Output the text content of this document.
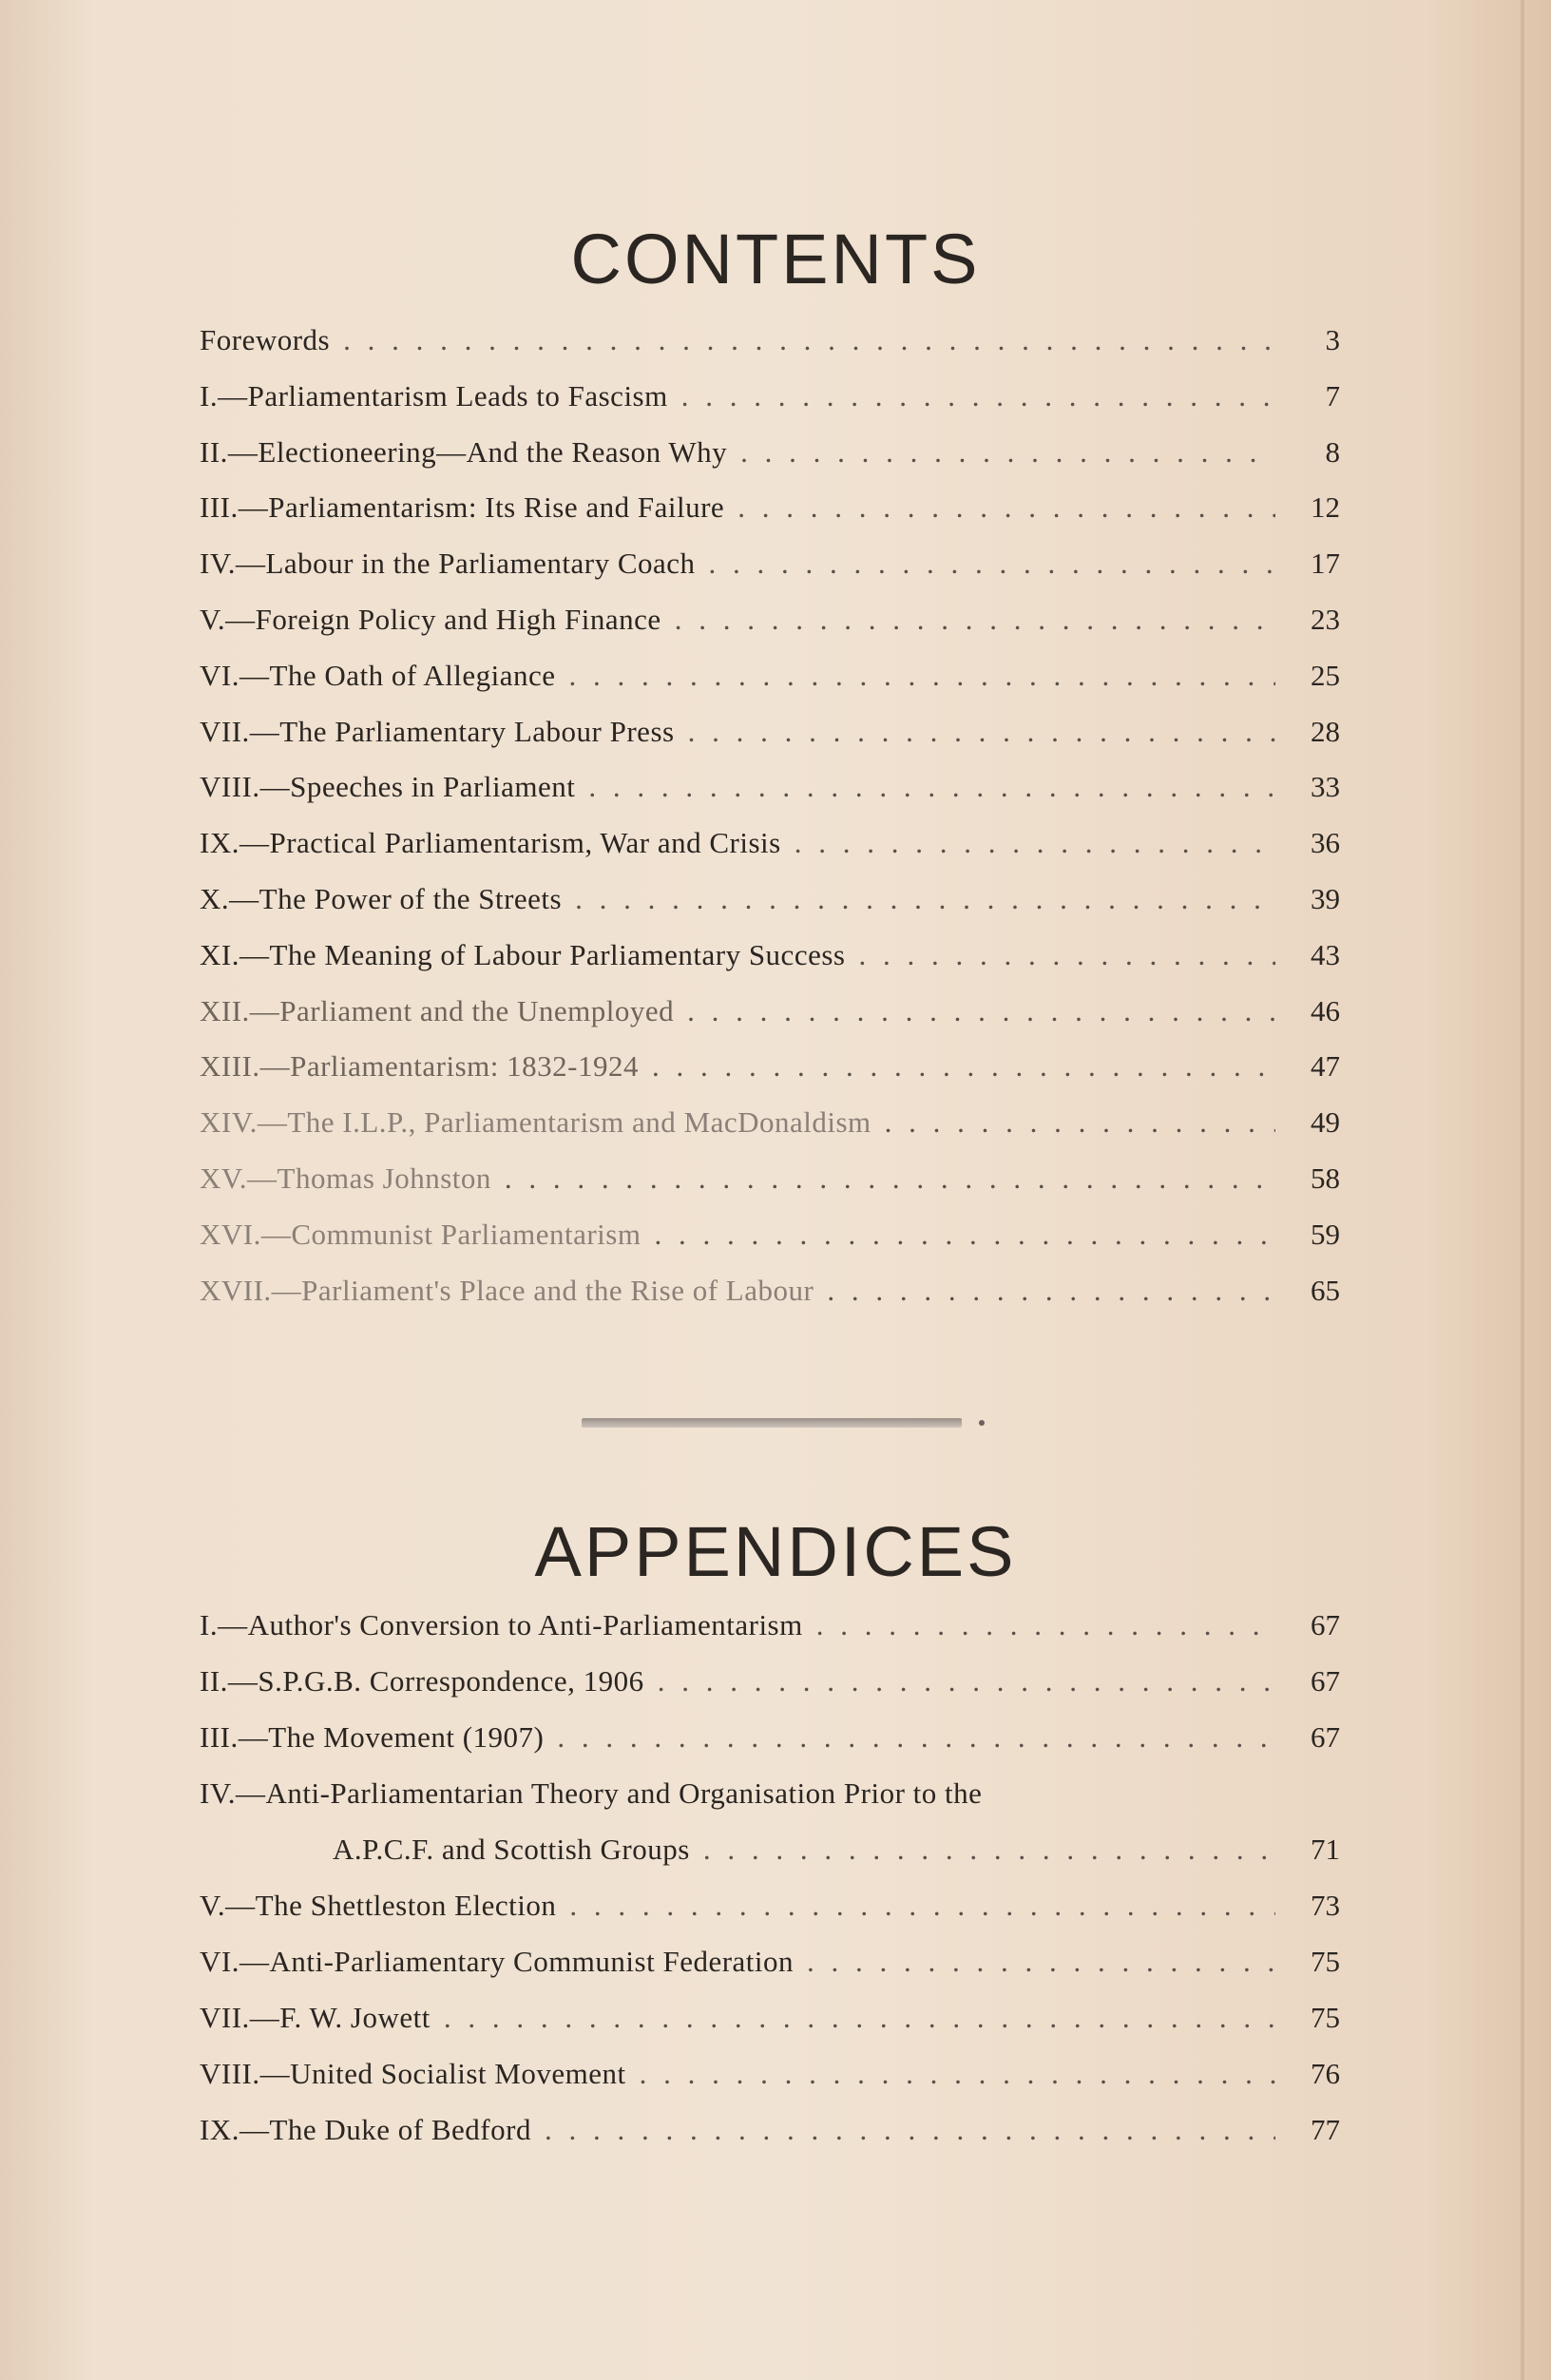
CONTENTS
Forewords . . .	3
I.—Parliamentarism Leads to Fascism . . .	7
II.—Electioneering—And the Reason Why . . .	8
III.—Parliamentarism: Its Rise and Failure . . .	12
IV.—Labour in the Parliamentary Coach . . .	17
V.—Foreign Policy and High Finance . . .	23
VI.—The Oath of Allegiance . . .	25
VII.—The Parliamentary Labour Press . . .	28
VIII.—Speeches in Parliament . . .	33
IX.—Practical Parliamentarism, War and Crisis . . .	36
X.—The Power of the Streets . . .	39
XI.—The Meaning of Labour Parliamentary Success . . .	43
XII.—Parliament and the Unemployed . . .	46
XIII.—Parliamentarism: 1832-1924 . . .	47
XIV.—The I.L.P., Parliamentarism and MacDonaldism . . .	49
XV.—Thomas Johnston . . .	58
XVI.—Communist Parliamentarism . . .	59
XVII.—Parliament's Place and the Rise of Labour . . .	65
APPENDICES
I.—Author's Conversion to Anti-Parliamentarism . . .	67
II.—S.P.G.B. Correspondence, 1906 . . .	67
III.—The Movement (1907) . . .	67
IV.—Anti-Parliamentarian Theory and Organisation Prior to the
A.P.C.F. and Scottish Groups . . .	71
V.—The Shettleston Election . . .	73
VI.—Anti-Parliamentary Communist Federation . . .	75
VII.—F. W. Jowett . . .	75
VIII.—United Socialist Movement . . .	76
IX.—The Duke of Bedford . . .	77
